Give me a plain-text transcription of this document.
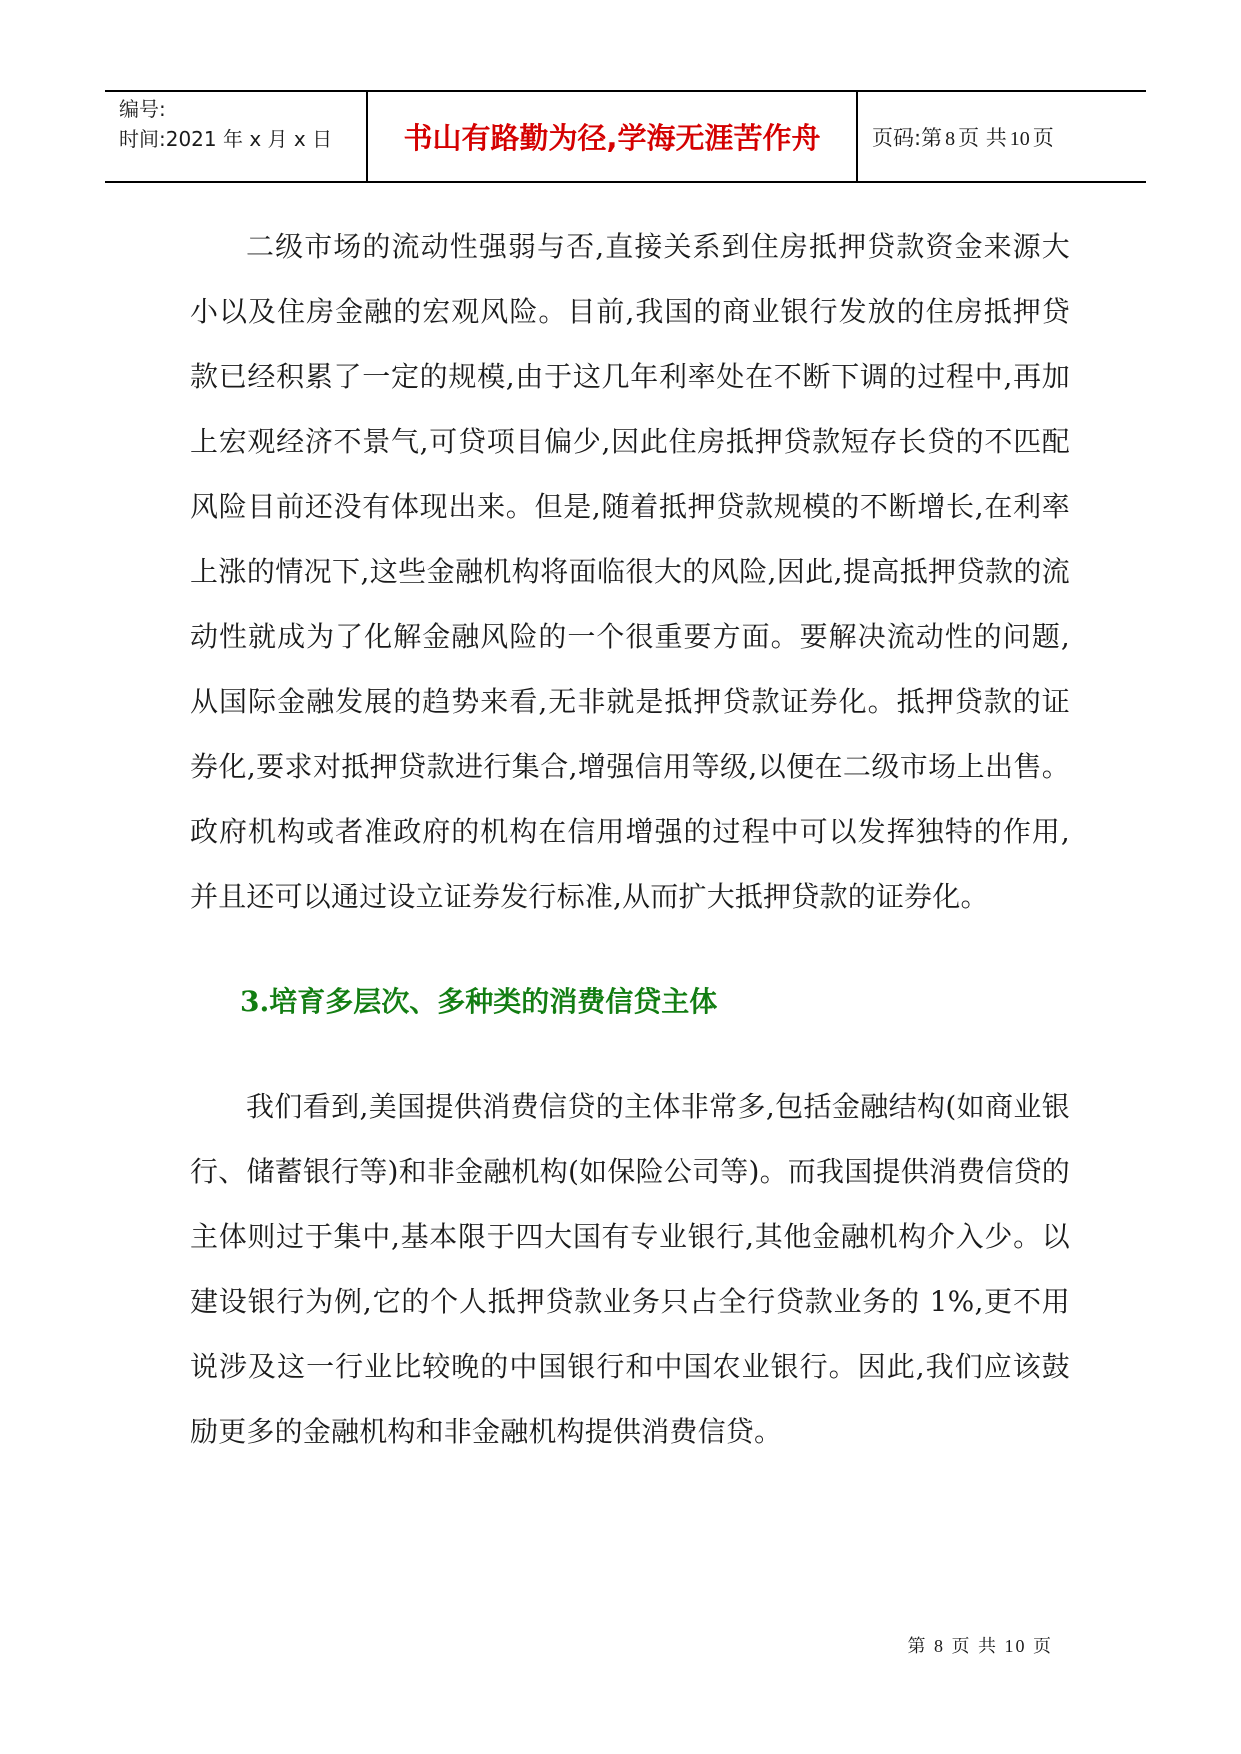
编号:
时间:2021 年 x 月 x 日	书山有路勤为径,学海无涯苦作舟 页码:第 8 页 共 10 页

二级市场的流动性强弱与否,直接关系到住房抵押贷款资金来源大小以及住房金融的宏观风险。目前,我国的商业银行发放的住房抵押贷款已经积累了一定的规模,由于这几年利率处在不断下调的过程中,再加上宏观经济不景气,可贷项目偏少,因此住房抵押贷款短存长贷的不匹配风险目前还没有体现出来。但是,随着抵押贷款规模的不断增长,在利率上涨的情况下,这些金融机构将面临很大的风险,因此,提高抵押贷款的流动性就成为了化解金融风险的一个很重要方面。要解决流动性的问题,从国际金融发展的趋势来看,无非就是抵押贷款证券化。抵押贷款的证券化,要求对抵押贷款进行集合,增强信用等级,以便在二级市场上出售。政府机构或者准政府的机构在信用增强的过程中可以发挥独特的作用,并且还可以通过设立证券发行标准,从而扩大抵押贷款的证券化。

3.培育多层次、多种类的消费信贷主体

我们看到,美国提供消费信贷的主体非常多,包括金融结构(如商业银行、储蓄银行等)和非金融机构(如保险公司等)。而我国提供消费信贷的主体则过于集中,基本限于四大国有专业银行,其他金融机构介入少。以建设银行为例,它的个人抵押贷款业务只占全行贷款业务的 1%,更不用说涉及这一行业比较晚的中国银行和中国农业银行。因此,我们应该鼓励更多的金融机构和非金融机构提供消费信贷。

第 8 页 共 10 页
